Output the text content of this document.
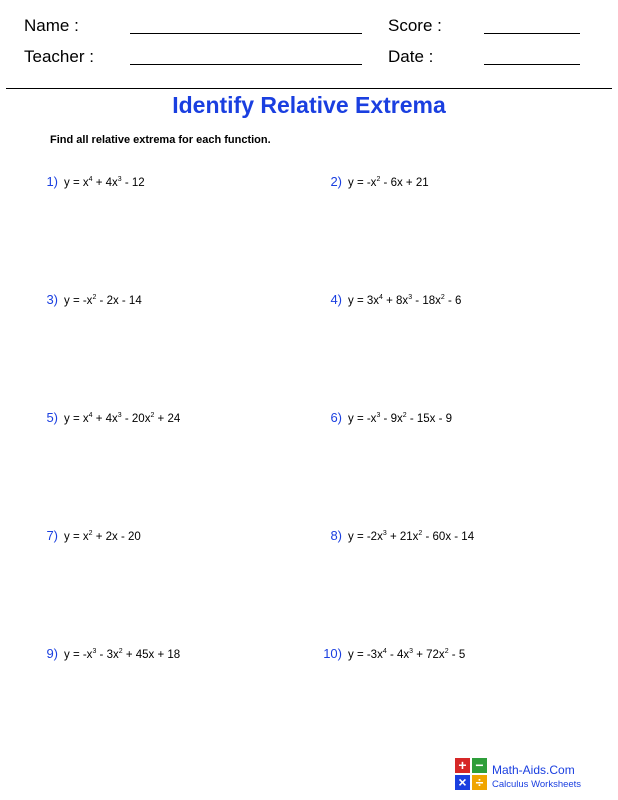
Name :	Score :
Teacher :	Date :
Identify Relative Extrema
Find all relative extrema for each function.
1) $y = x^4 + 4x^3 - 12$	2) $y = -x^2 - 6x + 21$
3) $y = -x^2 - 2x - 14$	4) $y = 3x^4 + 8x^3 - 18x^2 - 6$
5) $y = x^4 + 4x^3 - 20x^2 + 24$	6) $y = -x^3 - 9x^2 - 15x - 9$
7) $y = x^2 + 2x - 20$	8) $y = -2x^3 + 21x^2 - 60x - 14$
9) $y = -x^3 - 3x^2 + 45x + 18$	10) $y = -3x^4 - 4x^3 + 72x^2 - 5$
+ −
× ÷
Math-Aids.Com
Calculus Worksheets
